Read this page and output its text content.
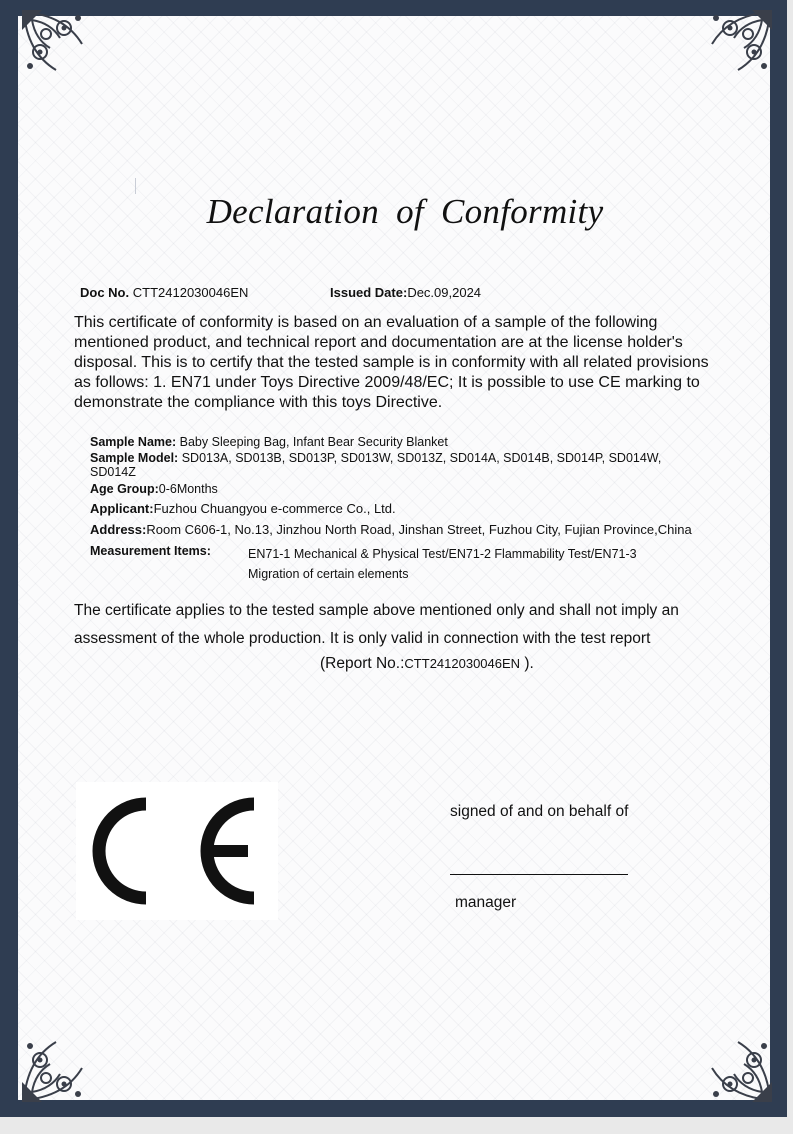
Declaration of Conformity
Doc No. CTT2412030046EN	Issued Date:Dec.09,2024
This certificate of conformity is based on an evaluation of a sample of the following mentioned product, and technical report and documentation are at the license holder's disposal. This is to certify that the tested sample is in conformity with all related provisions as follows: 1. EN71 under Toys Directive 2009/48/EC; It is possible to use CE marking to demonstrate the compliance with this toys Directive.
Sample Name: Baby Sleeping Bag, Infant Bear Security Blanket
Sample Model: SD013A, SD013B, SD013P, SD013W, SD013Z, SD014A, SD014B, SD014P, SD014W, SD014Z
Age Group:0-6Months
Applicant:Fuzhou Chuangyou e-commerce Co., Ltd.
Address:Room C606-1, No.13, Jinzhou North Road, Jinshan Street, Fuzhou City, Fujian Province,China
Measurement Items:	EN71-1 Mechanical & Physical Test/EN71-2 Flammability Test/EN71-3 Migration of certain elements
The certificate applies to the tested sample above mentioned only and shall not imply an assessment of the whole production. It is only valid in connection with the test report
(Report No.:CTT2412030046EN ).
signed of and on behalf of
manager
